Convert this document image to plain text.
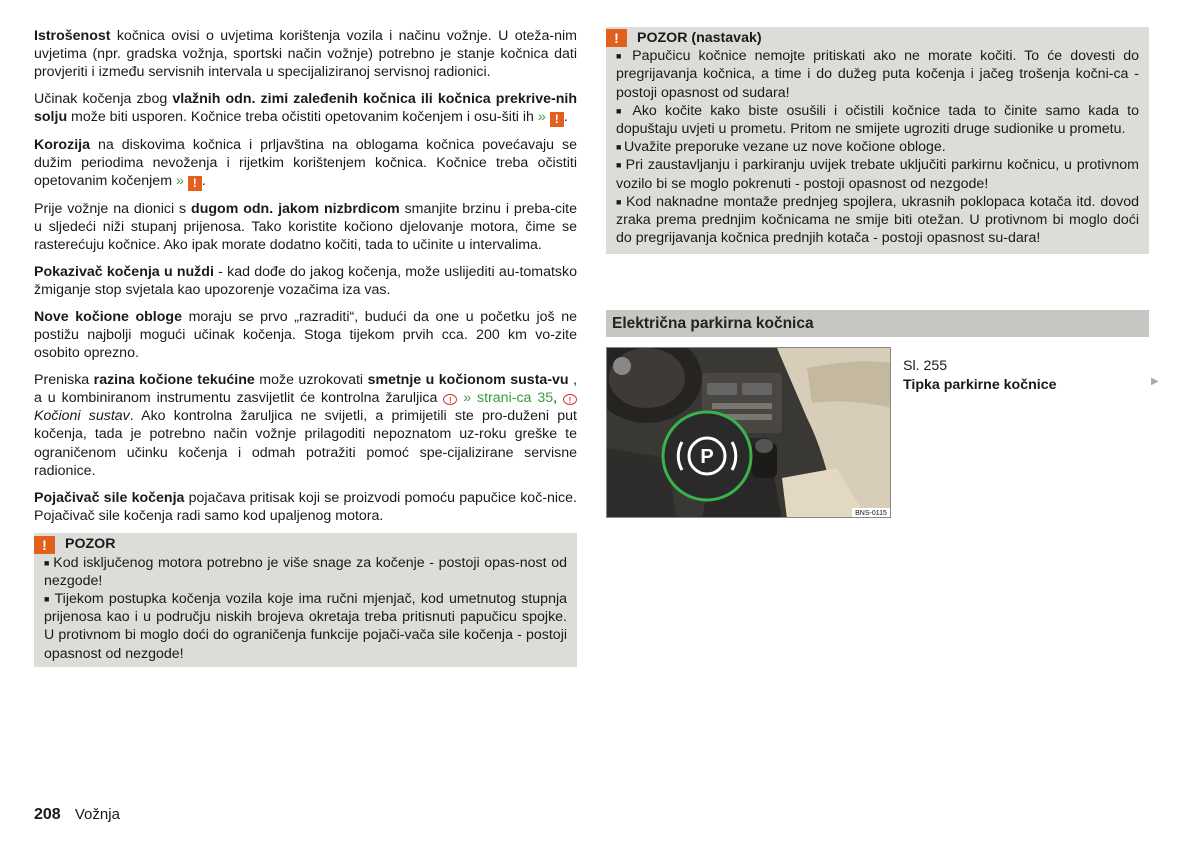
Istrošenost kočnica ovisi o uvjetima korištenja vozila i načinu vožnje. U oteža-nim uvjetima (npr. gradska vožnja, sportski način vožnje) potrebno je stanje kočnica dati provjeriti i između servisnih intervala u specijaliziranoj servisnoj radionici.

Učinak kočenja zbog vlažnih odn. zimi zaleđenih kočnica ili kočnica prekrive-nih solju može biti usporen. Kočnice treba očistiti opetovanim kočenjem i osu-šiti ih » ! .

Korozija na diskovima kočnica i prljavština na oblogama kočnica povećavaju se dužim periodima nevoženja i rijetkim korištenjem kočnica. Kočnice treba očistiti opetovanim kočenjem » ! .

Prije vožnje na dionici s dugom odn. jakom nizbrdicom smanjite brzinu i preba-cite u sljedeći niži stupanj prijenosa. Tako koristite kočiono djelovanje motora, čime se rasterećuju kočnice. Ako ipak morate dodatno kočiti, tada to učinite u intervalima.

Pokazivač kočenja u nuždi - kad dođe do jakog kočenja, može uslijediti au-tomatsko žmiganje stop svjetala kao upozorenje vozačima iza vas.

Nove kočione obloge moraju se prvo „razraditi“, budući da one u početku još ne postižu najbolji mogući učinak kočenja. Stoga tijekom prvih cca. 200 km vo-zite osobito oprezno.

Preniska razina kočione tekućine može uzrokovati smetnje u kočionom susta-vu , a u kombiniranom instrumentu zasvijetlit će kontrolna žaruljica ! » strani-ca 35, ! Kočioni sustav. Ako kontrolna žaruljica ne svijetli, a primijetili ste pro-duženi put kočenja, tada je potrebno način vožnje prilagoditi nepoznatom uz-roku greške te ograničenom učinku kočenja i odmah potražiti pomoć spe-cijalizirane servisne radionice.

Pojačivač sile kočenja pojačava pritisak koji se proizvodi pomoću papučice koč-nice. Pojačivač sile kočenja radi samo kod upaljenog motora.

!	POZOR
■ Kod isključenog motora potrebno je više snage za kočenje - postoji opas-nost od nezgode!
■ Tijekom postupka kočenja vozila koje ima ručni mjenjač, kod umetnutog stupnja prijenosa kao i u području niskih brojeva okretaja treba pritisnuti papučicu spojke. U protivnom bi moglo doći do ograničenja funkcije pojači-vača sile kočenja - postoji opasnost od nezgode!
!	POZOR (nastavak)
■ Papučicu kočnice nemojte pritiskati ako ne morate kočiti. To će dovesti do pregrijavanja kočnica, a time i do dužeg puta kočenja i jačeg trošenja kočni-ca - postoji opasnost od sudara!
■ Ako kočite kako biste osušili i očistili kočnice tada to činite samo kada to dopuštaju uvjeti u prometu. Pritom ne smijete ugroziti druge sudionike u prometu.
■ Uvažite preporuke vezane uz nove kočione obloge.
■ Pri zaustavljanju i parkiranju uvijek trebate uključiti parkirnu kočnicu, u protivnom vozilo bi se moglo pokrenuti - postoji opasnost od nezgode!
■ Kod naknadne montaže prednjeg spojlera, ukrasnih poklopaca kotača itd. dovod zraka prema prednjim kočnicama ne smije biti otežan. U protivnom bi moglo doći do pregrijavanja kočnica prednjih kotača - postoji opasnost su-dara!
Električna parkirna kočnica
P
BNS-0115
Sl. 255
Tipka parkirne kočnice	▶
208 Vožnja
